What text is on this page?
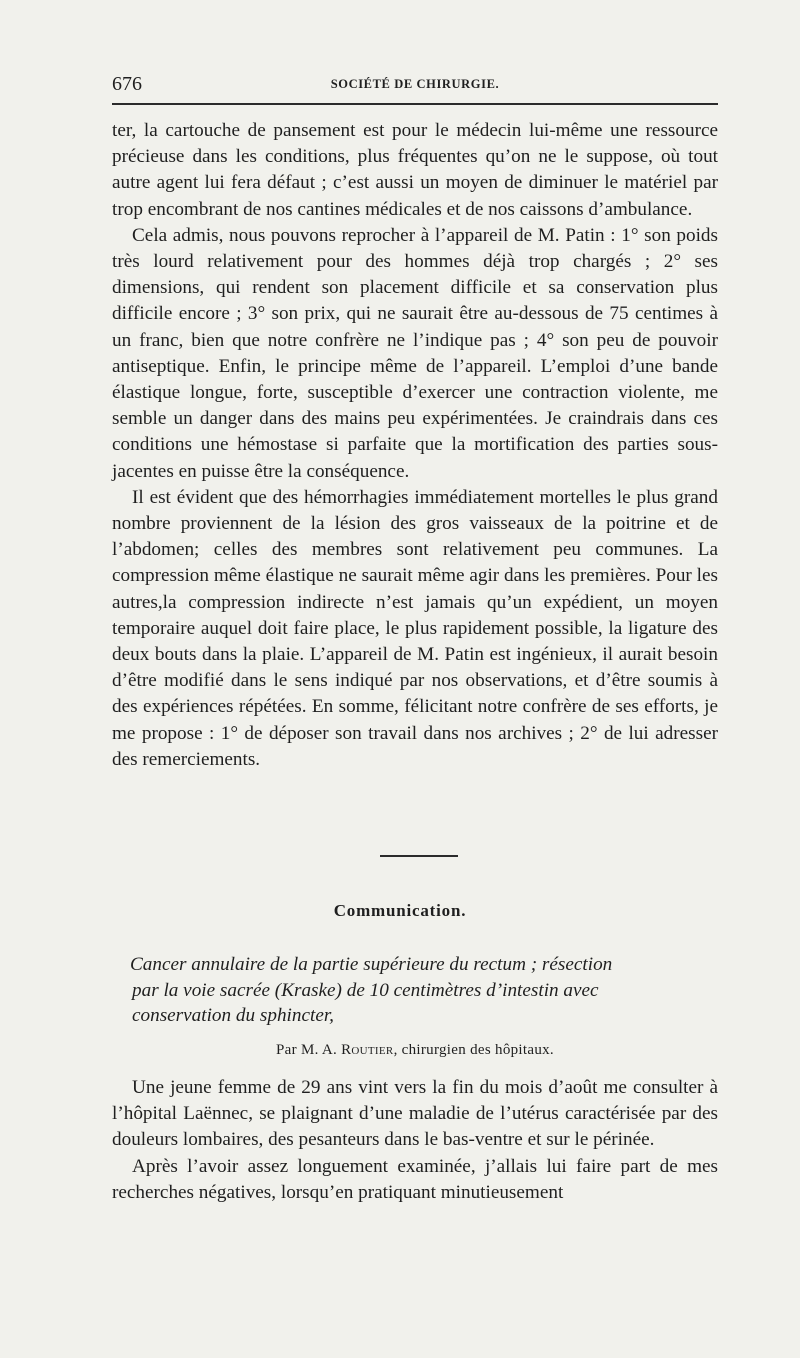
676	SOCIÉTÉ DE CHIRURGIE.

ter, la cartouche de pansement est pour le médecin lui-même une ressource précieuse dans les conditions, plus fréquentes qu’on ne le suppose, où tout autre agent lui fera défaut ; c’est aussi un moyen de diminuer le matériel par trop encombrant de nos cantines médicales et de nos caissons d’ambulance.

Cela admis, nous pouvons reprocher à l’appareil de M. Patin : 1° son poids très lourd relativement pour des hommes déjà trop chargés ; 2° ses dimensions, qui rendent son placement difficile et sa conservation plus difficile encore ; 3° son prix, qui ne saurait être au-dessous de 75 centimes à un franc, bien que notre confrère ne l’indique pas ; 4° son peu de pouvoir antiseptique. Enfin, le principe même de l’appareil. L’emploi d’une bande élastique longue, forte, susceptible d’exercer une contraction violente, me semble un danger dans des mains peu expérimentées. Je craindrais dans ces conditions une hémostase si parfaite que la mortification des parties sous-jacentes en puisse être la conséquence.

Il est évident que des hémorrhagies immédiatement mortelles le plus grand nombre proviennent de la lésion des gros vaisseaux de la poitrine et de l’abdomen; celles des membres sont relativement peu communes. La compression même élastique ne saurait même agir dans les premières. Pour les autres,la compression indirecte n’est jamais qu’un expédient, un moyen temporaire auquel doit faire place, le plus rapidement possible, la ligature des deux bouts dans la plaie. L’appareil de M. Patin est ingénieux, il aurait besoin d’être modifié dans le sens indiqué par nos observations, et d’être soumis à des expériences répétées. En somme, félicitant notre confrère de ses efforts, je me propose : 1° de déposer son travail dans nos archives ; 2° de lui adresser des remerciements.

Communication.

Cancer annulaire de la partie supérieure du rectum ; résection

par la voie sacrée (Kraske) de 10 centimètres d’intestin avec

conservation du sphincter,

Par M. A. Routier, chirurgien des hôpitaux.

Une jeune femme de 29 ans vint vers la fin du mois d’août me consulter à l’hôpital Laënnec, se plaignant d’une maladie de l’utérus caractérisée par des douleurs lombaires, des pesanteurs dans le bas-ventre et sur le périnée.

Après l’avoir assez longuement examinée, j’allais lui faire part de mes recherches négatives, lorsqu’en pratiquant minutieusement
